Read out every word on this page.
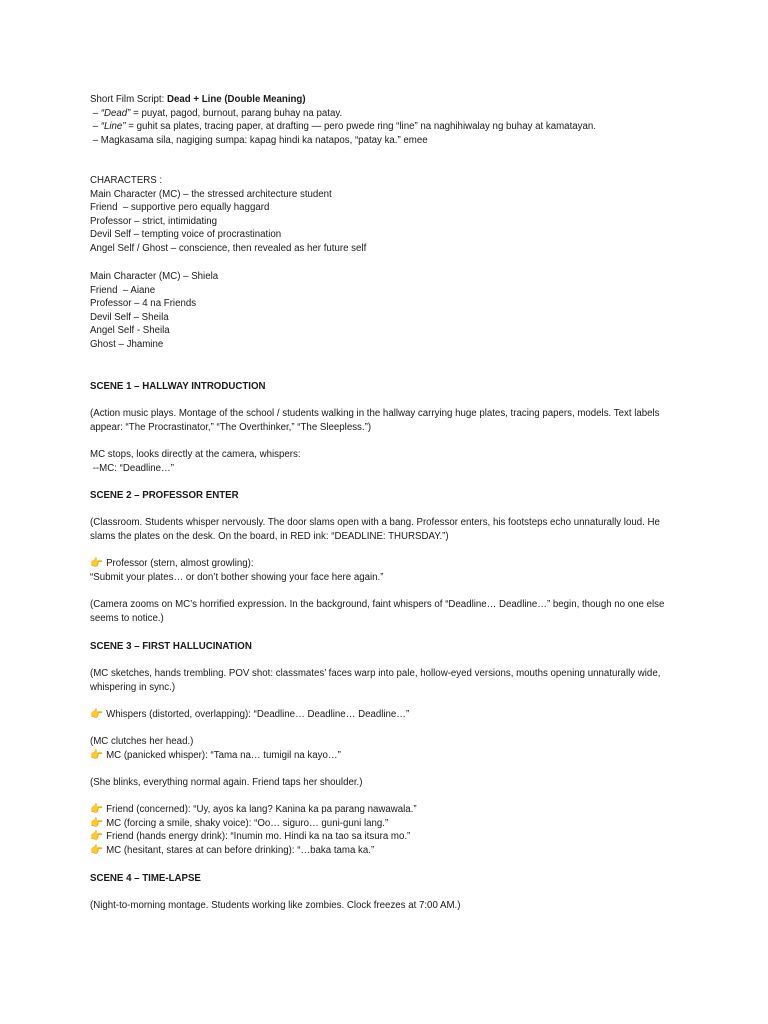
Short Film Script: Dead + Line (Double Meaning)
– “Dead” = puyat, pagod, burnout, parang buhay na patay.
– “Line” = guhit sa plates, tracing paper, at drafting — pero pwede ring “line” na naghihiwalay ng buhay at kamatayan.
– Magkasama sila, nagiging sumpa: kapag hindi ka natapos, “patay ka.” emee
CHARACTERS :
Main Character (MC) – the stressed architecture student
Friend  – supportive pero equally haggard
Professor – strict, intimidating
Devil Self – tempting voice of procrastination
Angel Self / Ghost – conscience, then revealed as her future self
Main Character (MC) – Shiela
Friend  – Aiane
Professor – 4 na Friends
Devil Self – Sheila
Angel Self - Sheila
Ghost – Jhamine
SCENE 1 – HALLWAY INTRODUCTION
(Action music plays. Montage of the school / students walking in the hallway carrying huge plates, tracing papers, models. Text labels appear: “The Procrastinator,” “The Overthinker,” “The Sleepless.”)
MC stops, looks directly at the camera, whispers:
--MC: “Deadline…”
SCENE 2 – PROFESSOR ENTER
(Classroom. Students whisper nervously. The door slams open with a bang. Professor enters, his footsteps echo unnaturally loud. He slams the plates on the desk. On the board, in RED ink: “DEADLINE: THURSDAY.”)
👉 Professor (stern, almost growling):
“Submit your plates… or don’t bother showing your face here again.”
(Camera zooms on MC’s horrified expression. In the background, faint whispers of “Deadline… Deadline…” begin, though no one else seems to notice.)
SCENE 3 – FIRST HALLUCINATION
(MC sketches, hands trembling. POV shot: classmates’ faces warp into pale, hollow-eyed versions, mouths opening unnaturally wide, whispering in sync.)
👉 Whispers (distorted, overlapping): “Deadline… Deadline… Deadline…”
(MC clutches her head.)
👉 MC (panicked whisper): “Tama na… tumigil na kayo…”
(She blinks, everything normal again. Friend taps her shoulder.)
👉 Friend (concerned): “Uy, ayos ka lang? Kanina ka pa parang nawawala.”
👉 MC (forcing a smile, shaky voice): “Oo… siguro… guni-guni lang.”
👉 Friend (hands energy drink): “Inumin mo. Hindi ka na tao sa itsura mo.”
👉 MC (hesitant, stares at can before drinking): “…baka tama ka.”
SCENE 4 – TIME-LAPSE
(Night-to-morning montage. Students working like zombies. Clock freezes at 7:00 AM.)
